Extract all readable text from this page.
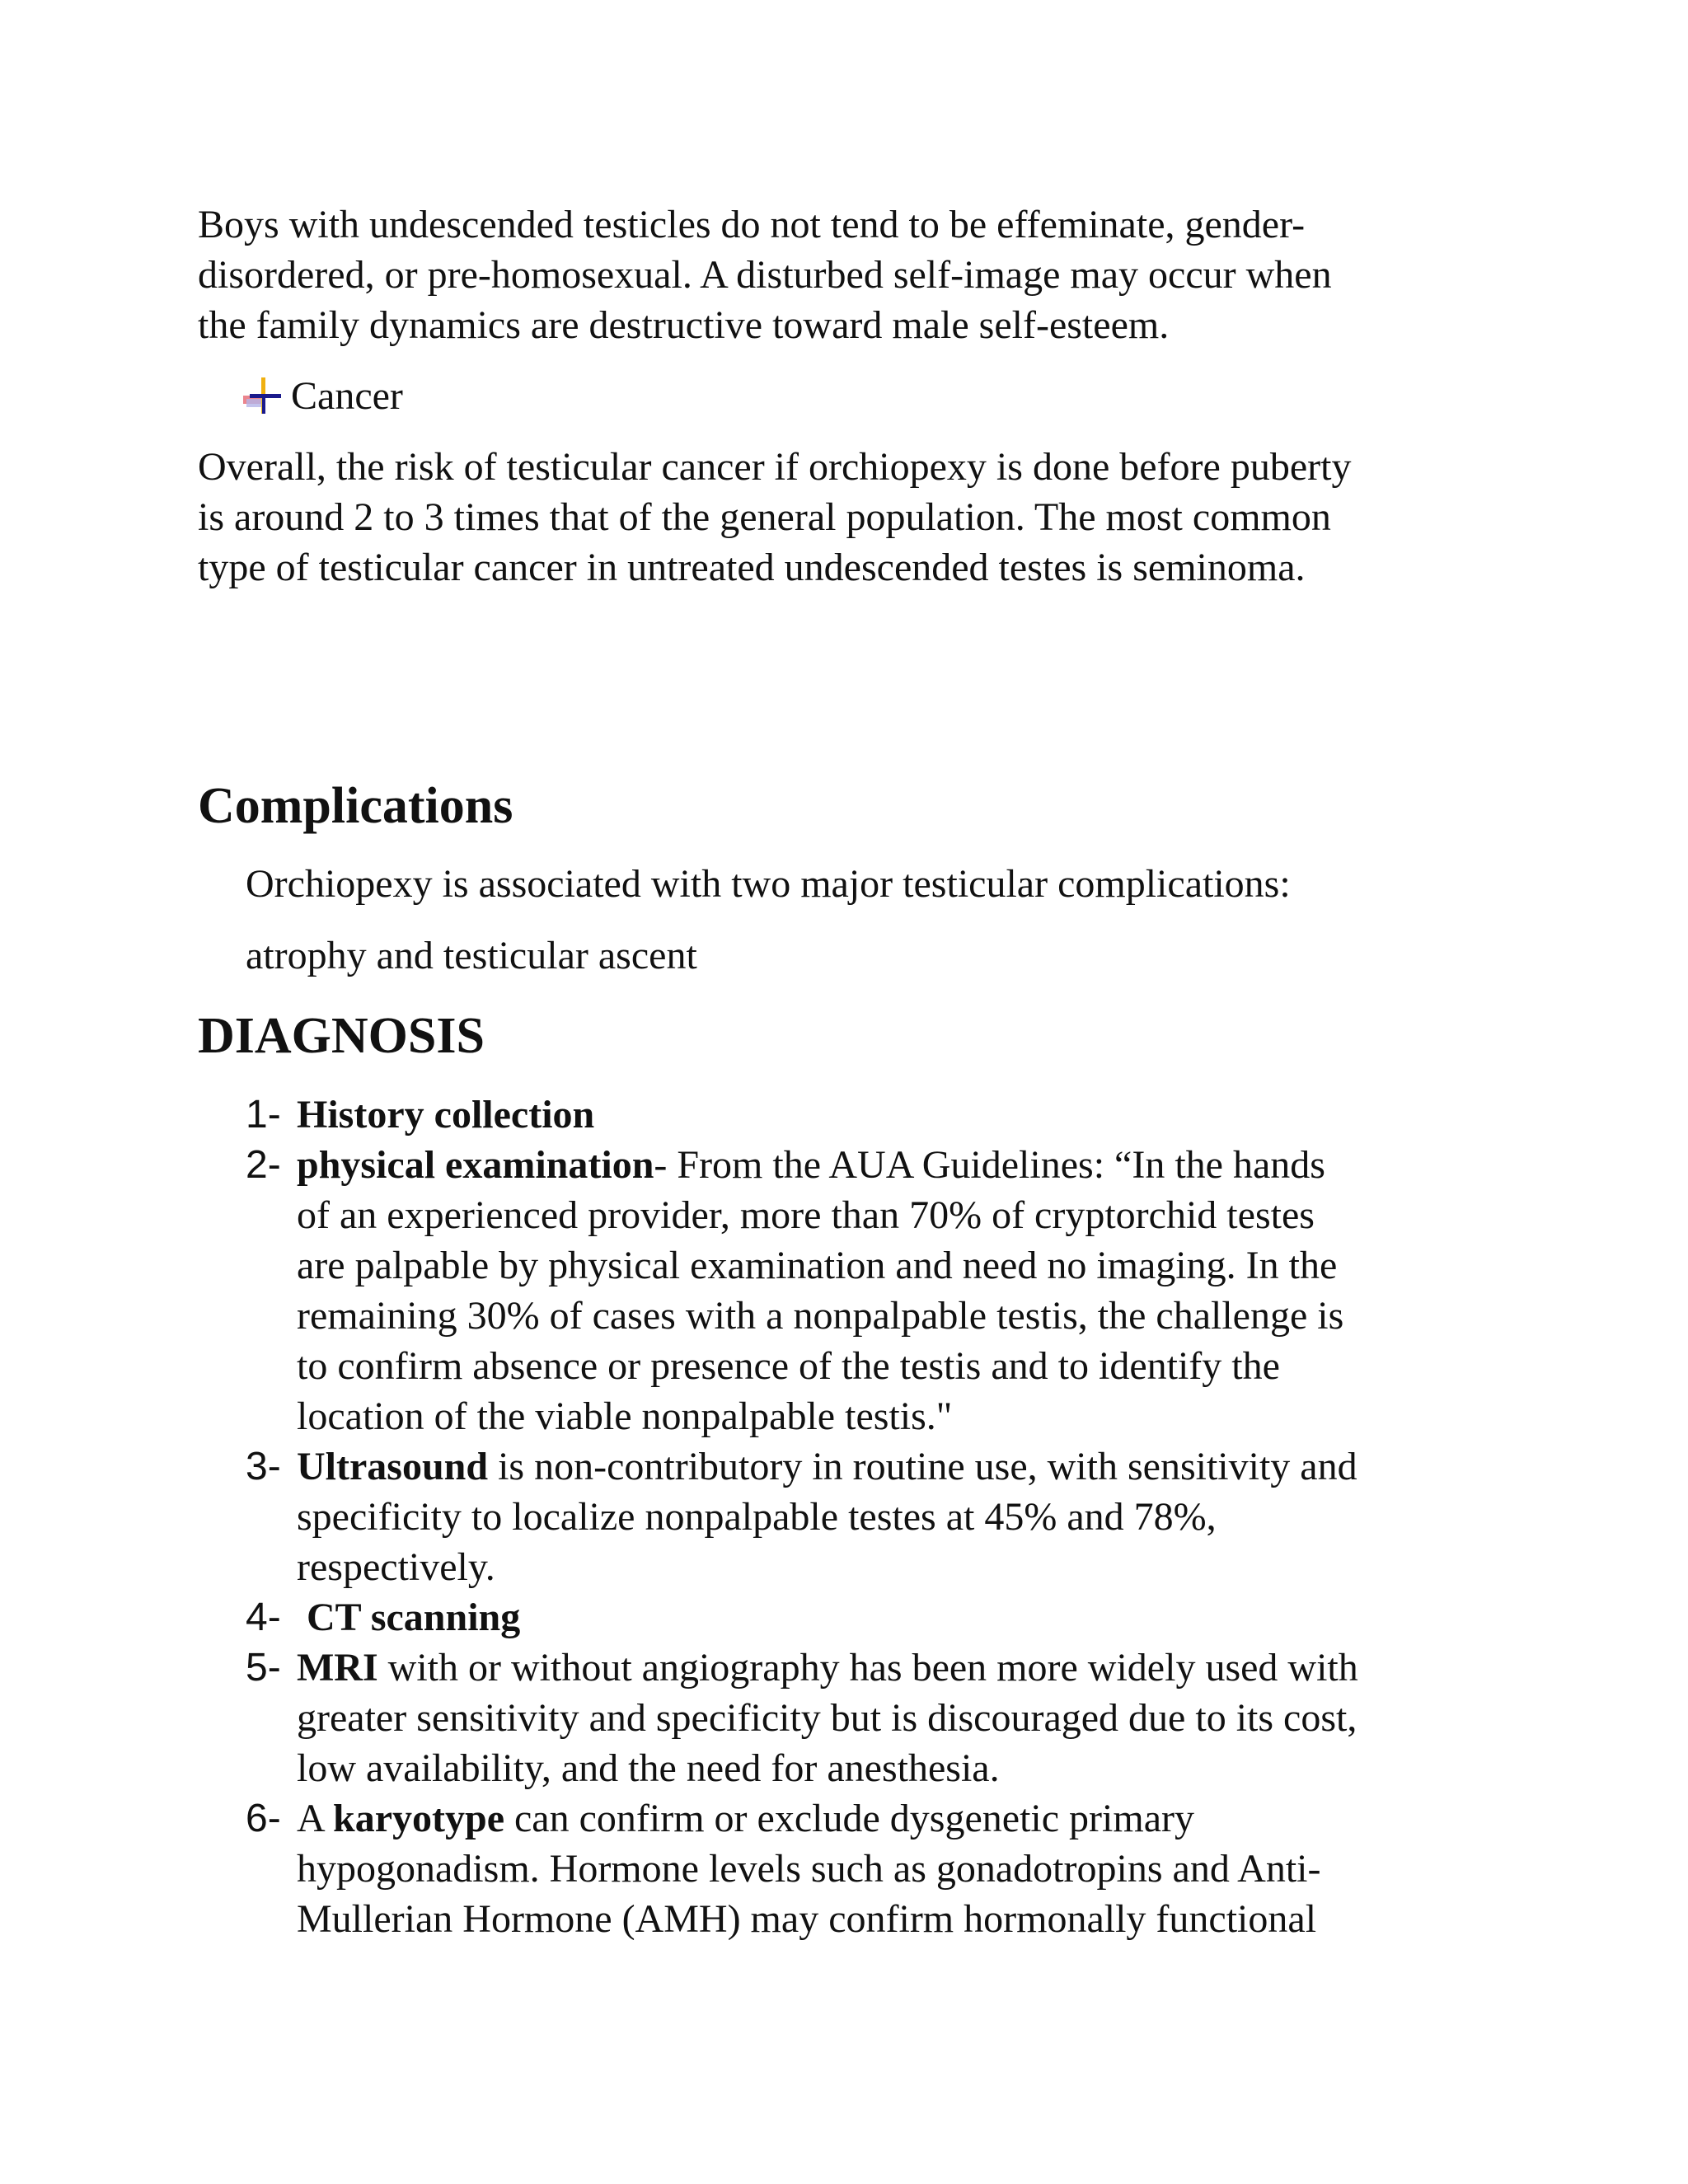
Boys with undescended testicles do not tend to be effeminate, gender-
disordered, or pre-homosexual. A disturbed self-image may occur when
the family dynamics are destructive toward male self-esteem.

Cancer

Overall, the risk of testicular cancer if orchiopexy is done before puberty
is around 2 to 3 times that of the general population. The most common
type of testicular cancer in untreated undescended testes is seminoma.

Complications
Orchiopexy is associated with two major testicular complications:
atrophy and testicular ascent
DIAGNOSIS
1- History collection
2- physical examination- From the AUA Guidelines: “In the hands
of an experienced provider, more than 70% of cryptorchid testes
are palpable by physical examination and need no imaging. In the
remaining 30% of cases with a nonpalpable testis, the challenge is
to confirm absence or presence of the testis and to identify the
location of the viable nonpalpable testis."
3- Ultrasound is non-contributory in routine use, with sensitivity and
specificity to localize nonpalpable testes at 45% and 78%,
respectively.
4- CT scanning
5- MRI with or without angiography has been more widely used with
greater sensitivity and specificity but is discouraged due to its cost,
low availability, and the need for anesthesia.
6- A karyotype can confirm or exclude dysgenetic primary
hypogonadism. Hormone levels such as gonadotropins and Anti-
Mullerian Hormone (AMH) may confirm hormonally functional
